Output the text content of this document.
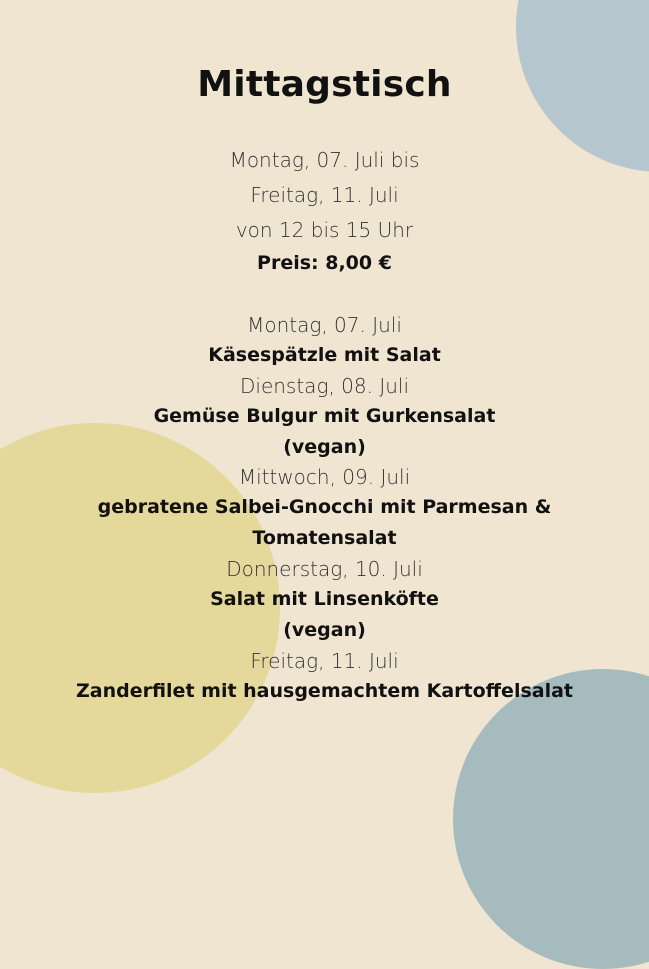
Mittagstisch
Montag, 07. Juli bis
Freitag, 11. Juli
von 12 bis 15 Uhr
Preis: 8,00 €
Montag, 07. Juli
Käsespätzle mit Salat
Dienstag, 08. Juli
Gemüse Bulgur mit Gurkensalat
(vegan)
Mittwoch, 09. Juli
gebratene Salbei-Gnocchi mit Parmesan &
Tomatensalat
Donnerstag, 10. Juli
Salat mit Linsenköfte
(vegan)
Freitag, 11. Juli
Zanderfilet mit hausgemachtem Kartoffelsalat
